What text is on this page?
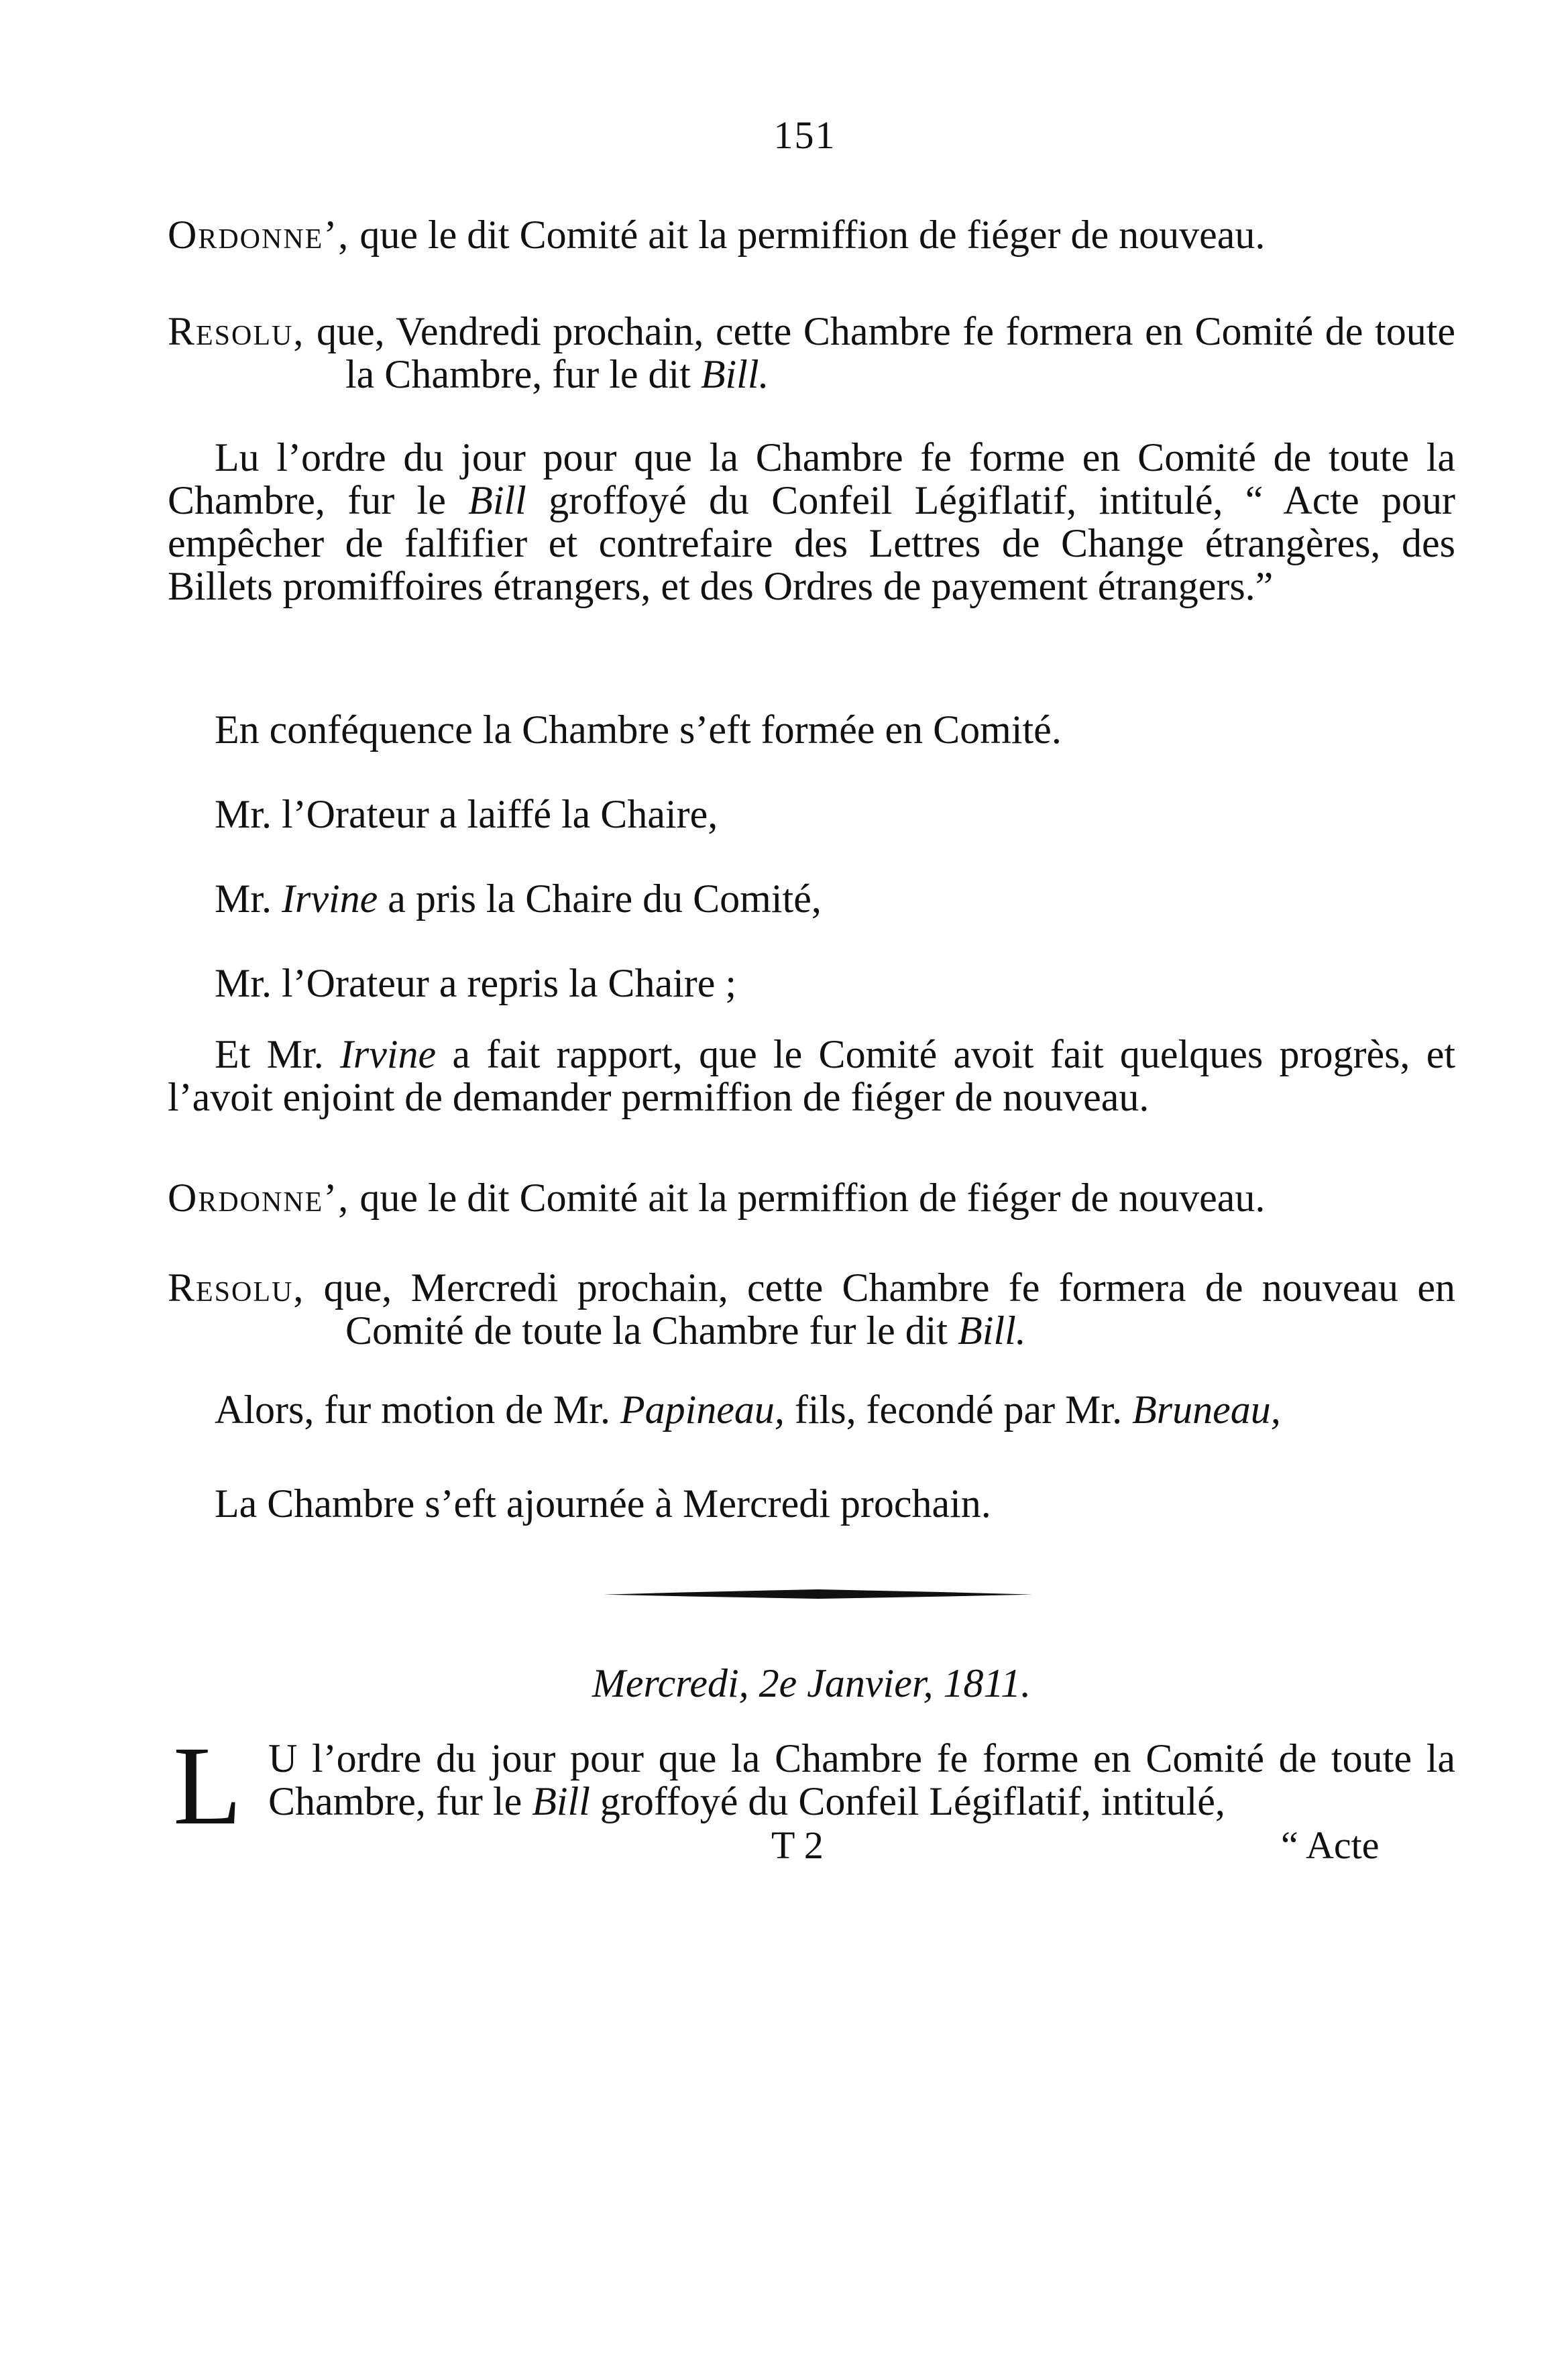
151

Ordonne’, que le dit Comité ait la permiffion de fiéger de nouveau.

Resolu, que, Vendredi prochain, cette Chambre fe formera en Comité de toute la Chambre, fur le dit Bill.

Lu l’ordre du jour pour que la Chambre fe forme en Comité de toute la Chambre, fur le Bill groffoyé du Confeil Légiflatif, intitulé, “ Acte pour empêcher de falfifier et contrefaire des Lettres de Change étrangères, des Billets promiffoires étrangers, et des Ordres de payement étrangers.”

En conféquence la Chambre s’eft formée en Comité.

Mr. l’Orateur a laiffé la Chaire,

Mr. Irvine a pris la Chaire du Comité,

Mr. l’Orateur a repris la Chaire ;

Et Mr. Irvine a fait rapport, que le Comité avoit fait quelques progrès, et l’avoit enjoint de demander permiffion de fiéger de nouveau.

Ordonne’, que le dit Comité ait la permiffion de fiéger de nouveau.

Resolu, que, Mercredi prochain, cette Chambre fe formera de nouveau en Comité de toute la Chambre fur le dit Bill.

Alors, fur motion de Mr. Papineau, fils, fecondé par Mr. Bruneau,

La Chambre s’eft ajournée à Mercredi prochain.

Mercredi, 2e Janvier, 1811.
L U l’ordre du jour pour que la Chambre fe forme en Comité de toute la Chambre, fur le Bill groffoyé du Confeil Légiflatif, intitulé,

T 2	“ Acte
